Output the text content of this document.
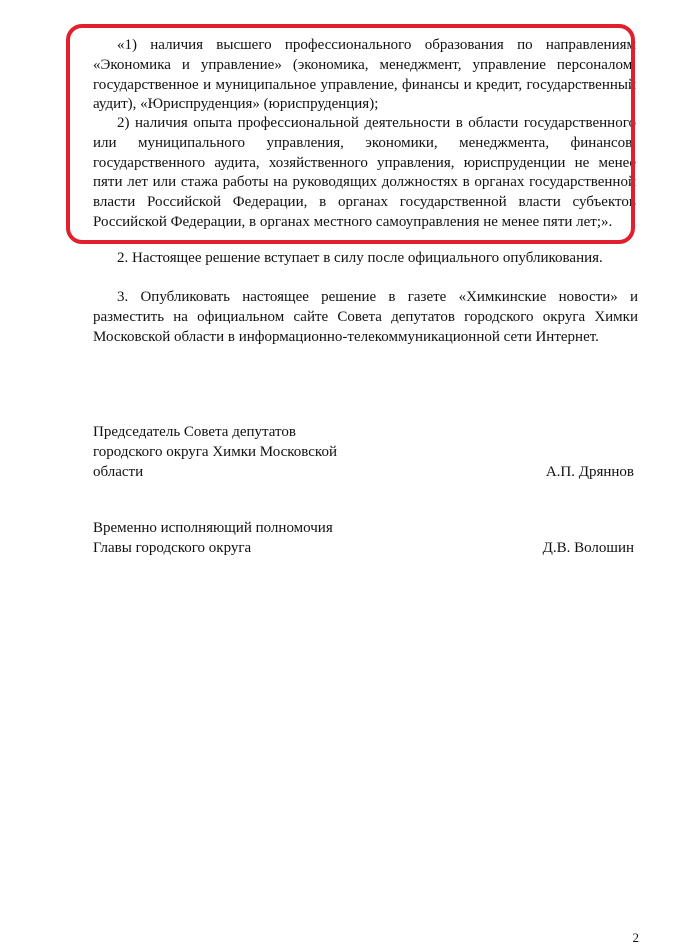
«1) наличия высшего профессионального образования по направлениям «Экономика и управление» (экономика, менеджмент, управление персоналом, государственное и муниципальное управление, финансы и кредит, государственный аудит), «Юриспруденция» (юриспруденция);

2) наличия опыта профессиональной деятельности в области государственного или муниципального управления, экономики, менеджмента, финансов, государственного аудита, хозяйственного управления, юриспруденции не менее пяти лет или стажа работы на руководящих должностях в органах государственной власти Российской Федерации, в органах государственной власти субъектов Российской Федерации, в органах местного самоуправления не менее пяти лет;».

2. Настоящее решение вступает в силу после официального опубликования.

3. Опубликовать настоящее решение в газете «Химкинские новости» и разместить на официальном сайте Совета депутатов городского округа Химки Московской области в информационно-телекоммуникационной сети Интернет.

Председатель Совета депутатов
городского округа Химки Московской
области	А.П. Дряннов
Временно исполняющий полномочия
Главы городского округа	Д.В. Волошин
2
